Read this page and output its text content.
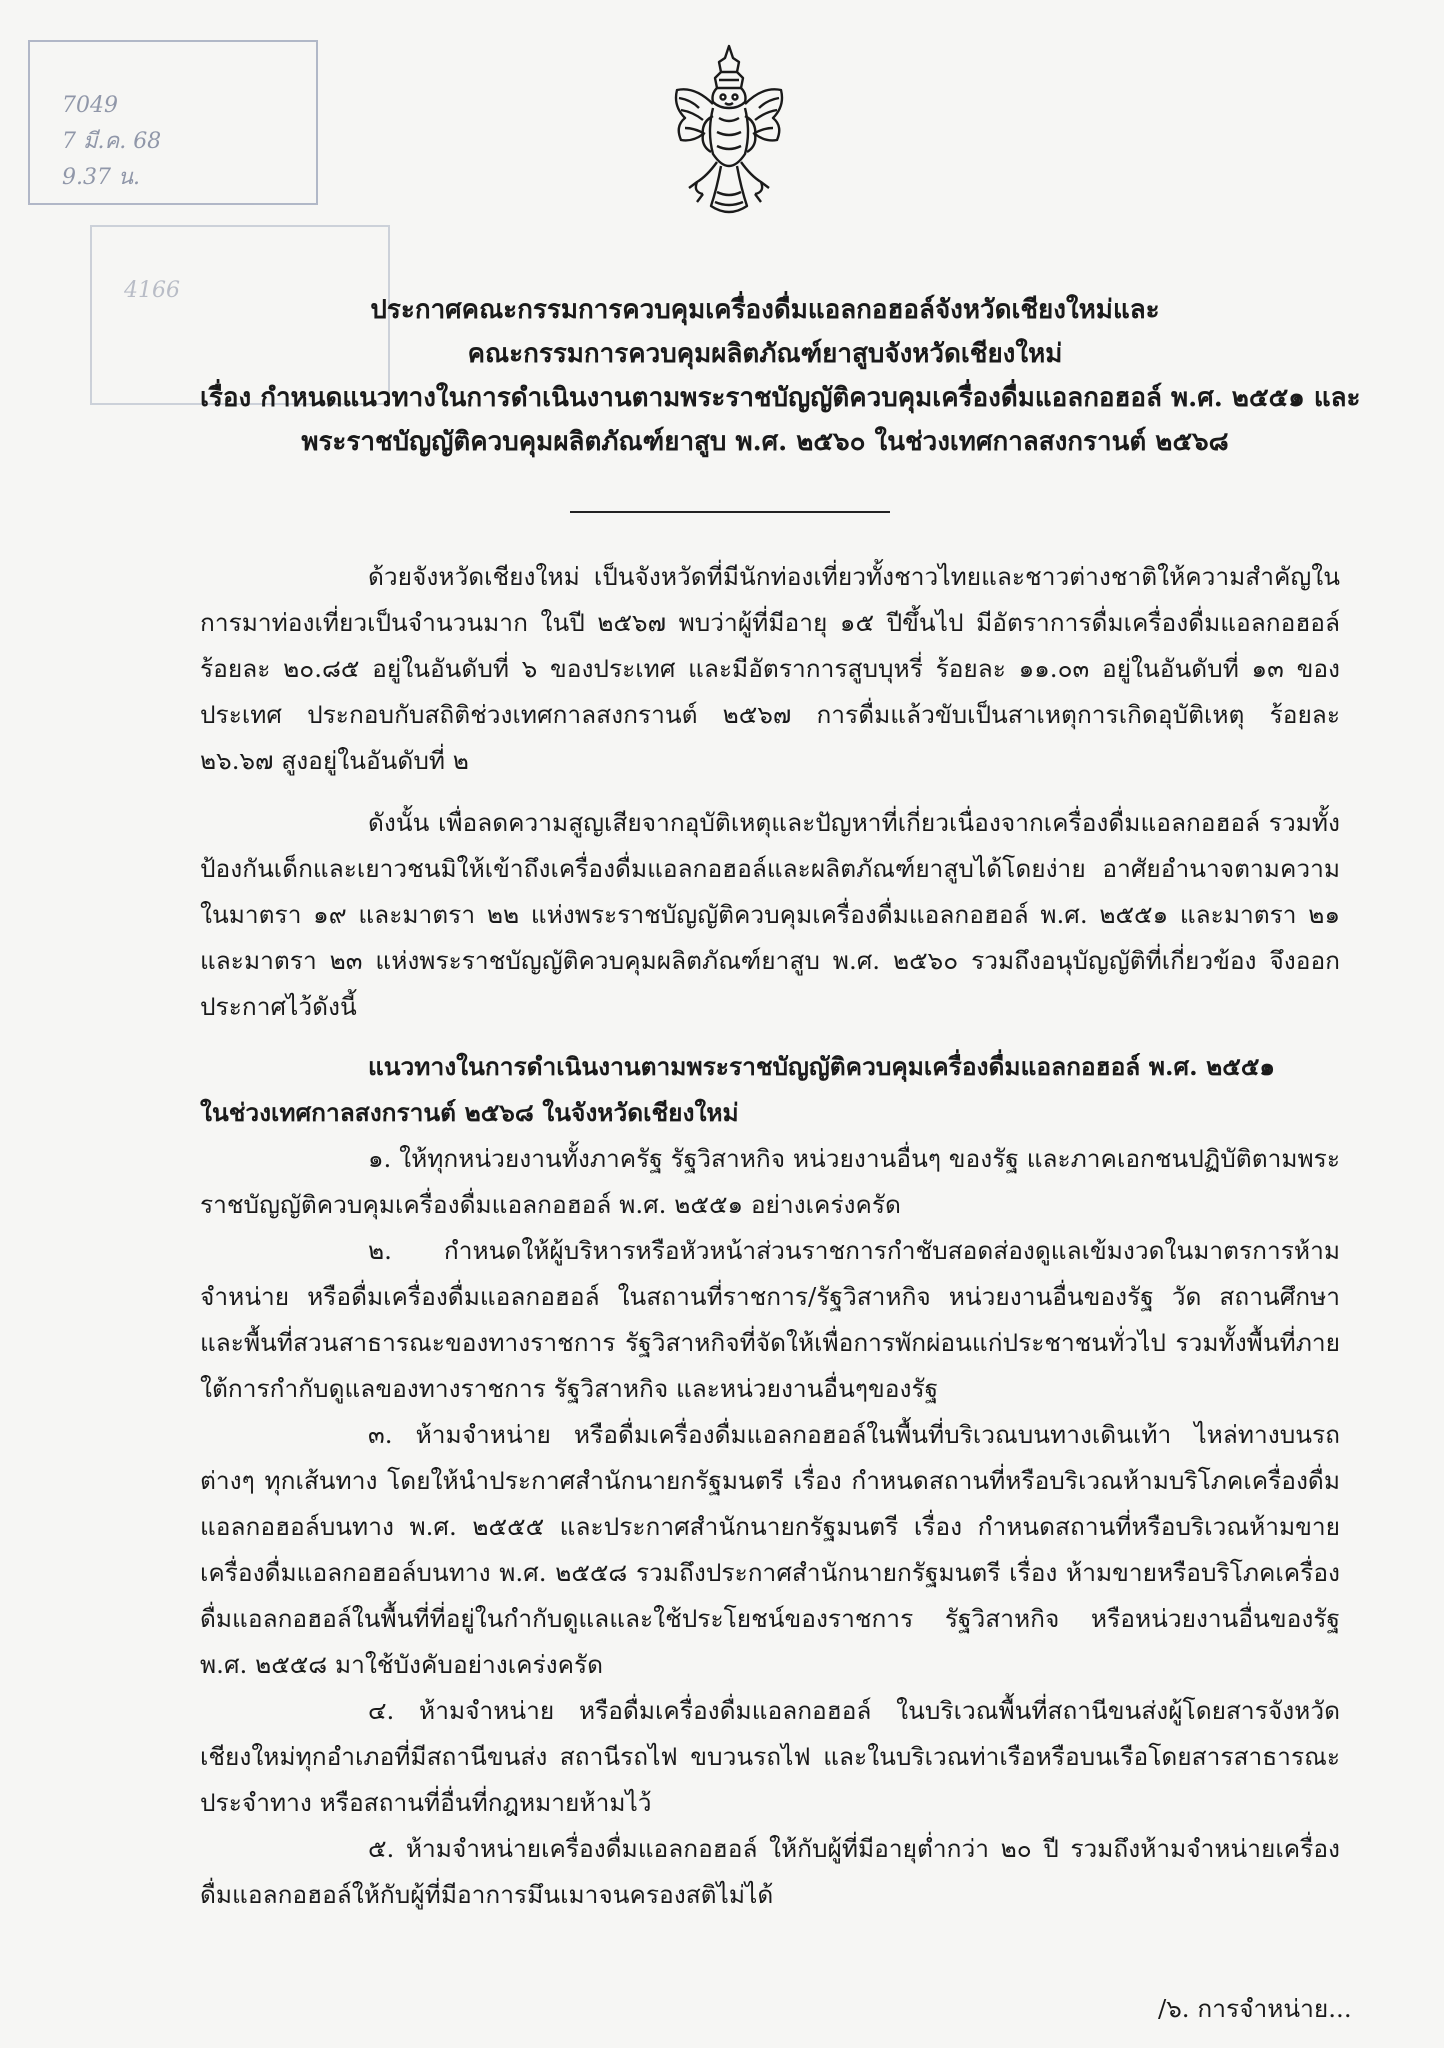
7049
7 มี.ค. 68
9.37 น.
4166
ประกาศคณะกรรมการควบคุมเครื่องดื่มแอลกอฮอล์จังหวัดเชียงใหม่และ
คณะกรรมการควบคุมผลิตภัณฑ์ยาสูบจังหวัดเชียงใหม่
เรื่อง กำหนดแนวทางในการดำเนินงานตามพระราชบัญญัติควบคุมเครื่องดื่มแอลกอฮอล์ พ.ศ. ๒๕๕๑ และ
พระราชบัญญัติควบคุมผลิตภัณฑ์ยาสูบ พ.ศ. ๒๕๖๐ ในช่วงเทศกาลสงกรานต์ ๒๕๖๘

ด้วยจังหวัดเชียงใหม่ เป็นจังหวัดที่มีนักท่องเที่ยวทั้งชาวไทยและชาวต่างชาติให้ความสำคัญในการมาท่องเที่ยวเป็นจำนวนมาก ในปี ๒๕๖๗ พบว่าผู้ที่มีอายุ ๑๕ ปีขึ้นไป มีอัตราการดื่มเครื่องดื่มแอลกอฮอล์ ร้อยละ ๒๐.๘๕ อยู่ในอันดับที่ ๖ ของประเทศ และมีอัตราการสูบบุหรี่ ร้อยละ ๑๑.๐๓ อยู่ในอันดับที่ ๑๓ ของประเทศ ประกอบกับสถิติช่วงเทศกาลสงกรานต์ ๒๕๖๗ การดื่มแล้วขับเป็นสาเหตุการเกิดอุบัติเหตุ ร้อยละ ๒๖.๖๗ สูงอยู่ในอันดับที่ ๒

ดังนั้น เพื่อลดความสูญเสียจากอุบัติเหตุและปัญหาที่เกี่ยวเนื่องจากเครื่องดื่มแอลกอฮอล์ รวมทั้งป้องกันเด็กและเยาวชนมิให้เข้าถึงเครื่องดื่มแอลกอฮอล์และผลิตภัณฑ์ยาสูบได้โดยง่าย อาศัยอำนาจตามความในมาตรา ๑๙ และมาตรา ๒๒ แห่งพระราชบัญญัติควบคุมเครื่องดื่มแอลกอฮอล์ พ.ศ. ๒๕๕๑ และมาตรา ๒๑ และมาตรา ๒๓ แห่งพระราชบัญญัติควบคุมผลิตภัณฑ์ยาสูบ พ.ศ. ๒๕๖๐ รวมถึงอนุบัญญัติที่เกี่ยวข้อง จึงออกประกาศไว้ดังนี้

แนวทางในการดำเนินงานตามพระราชบัญญัติควบคุมเครื่องดื่มแอลกอฮอล์ พ.ศ. ๒๕๕๑

ในช่วงเทศกาลสงกรานต์ ๒๕๖๘ ในจังหวัดเชียงใหม่

๑. ให้ทุกหน่วยงานทั้งภาครัฐ รัฐวิสาหกิจ หน่วยงานอื่นๆ ของรัฐ และภาคเอกชนปฏิบัติตามพระราชบัญญัติควบคุมเครื่องดื่มแอลกอฮอล์ พ.ศ. ๒๕๕๑ อย่างเคร่งครัด

๒. กำหนดให้ผู้บริหารหรือหัวหน้าส่วนราชการกำชับสอดส่องดูแลเข้มงวดในมาตรการห้ามจำหน่าย หรือดื่มเครื่องดื่มแอลกอฮอล์ ในสถานที่ราชการ/รัฐวิสาหกิจ หน่วยงานอื่นของรัฐ วัด สถานศึกษา และพื้นที่สวนสาธารณะของทางราชการ รัฐวิสาหกิจที่จัดให้เพื่อการพักผ่อนแก่ประชาชนทั่วไป รวมทั้งพื้นที่ภายใต้การกำกับดูแลของทางราชการ รัฐวิสาหกิจ และหน่วยงานอื่นๆของรัฐ

๓. ห้ามจำหน่าย หรือดื่มเครื่องดื่มแอลกอฮอล์ในพื้นที่บริเวณบนทางเดินเท้า ไหล่ทางบนรถต่างๆ ทุกเส้นทาง โดยให้นำประกาศสำนักนายกรัฐมนตรี เรื่อง กำหนดสถานที่หรือบริเวณห้ามบริโภคเครื่องดื่มแอลกอฮอล์บนทาง พ.ศ. ๒๕๕๕ และประกาศสำนักนายกรัฐมนตรี เรื่อง กำหนดสถานที่หรือบริเวณห้ามขายเครื่องดื่มแอลกอฮอล์บนทาง พ.ศ. ๒๕๕๘ รวมถึงประกาศสำนักนายกรัฐมนตรี เรื่อง ห้ามขายหรือบริโภคเครื่องดื่มแอลกอฮอล์ในพื้นที่ที่อยู่ในกำกับดูแลและใช้ประโยชน์ของราชการ รัฐวิสาหกิจ หรือหน่วยงานอื่นของรัฐ พ.ศ. ๒๕๕๘ มาใช้บังคับอย่างเคร่งครัด

๔. ห้ามจำหน่าย หรือดื่มเครื่องดื่มแอลกอฮอล์ ในบริเวณพื้นที่สถานีขนส่งผู้โดยสารจังหวัดเชียงใหม่ทุกอำเภอที่มีสถานีขนส่ง สถานีรถไฟ ขบวนรถไฟ และในบริเวณท่าเรือหรือบนเรือโดยสารสาธารณะประจำทาง หรือสถานที่อื่นที่กฎหมายห้ามไว้

๕. ห้ามจำหน่ายเครื่องดื่มแอลกอฮอล์ ให้กับผู้ที่มีอายุต่ำกว่า ๒๐ ปี รวมถึงห้ามจำหน่ายเครื่องดื่มแอลกอฮอล์ให้กับผู้ที่มีอาการมึนเมาจนครองสติไม่ได้

/๖. การจำหน่าย...
